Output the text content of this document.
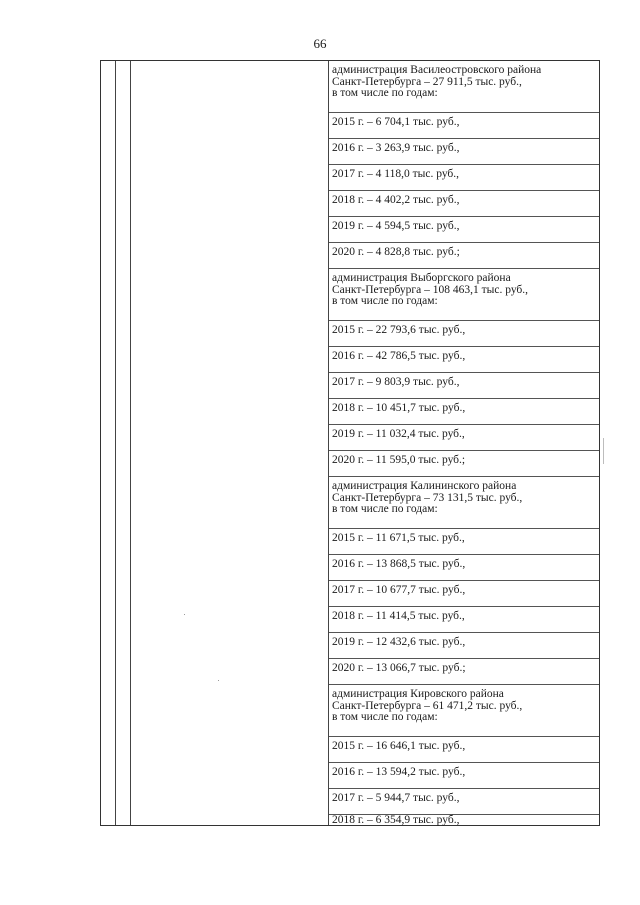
66
администрация Василеостровского района
Санкт-Петербурга – 27 911,5 тыс. руб.,
в том числе по годам:
2015 г. – 6 704,1 тыс. руб.,
2016 г. – 3 263,9 тыс. руб.,
2017 г. – 4 118,0 тыс. руб.,
2018 г. – 4 402,2 тыс. руб.,
2019 г. – 4 594,5 тыс. руб.,
2020 г. – 4 828,8 тыс. руб.;
администрация Выборгского района
Санкт-Петербурга – 108 463,1 тыс. руб.,
в том числе по годам:
2015 г. – 22 793,6 тыс. руб.,
2016 г. – 42 786,5 тыс. руб.,
2017 г. – 9 803,9 тыс. руб.,
2018 г. – 10 451,7 тыс. руб.,
2019 г. – 11 032,4 тыс. руб.,
2020 г. – 11 595,0 тыс. руб.;
администрация Калининского района
Санкт-Петербурга – 73 131,5 тыс. руб.,
в том числе по годам:
2015 г. – 11 671,5 тыс. руб.,
2016 г. – 13 868,5 тыс. руб.,
2017 г. – 10 677,7 тыс. руб.,
2018 г. – 11 414,5 тыс. руб.,
2019 г. – 12 432,6 тыс. руб.,
2020 г. – 13 066,7 тыс. руб.;
администрация Кировского района
Санкт-Петербурга – 61 471,2 тыс. руб.,
в том числе по годам:
2015 г. – 16 646,1 тыс. руб.,
2016 г. – 13 594,2 тыс. руб.,
2017 г. – 5 944,7 тыс. руб.,
2018 г. – 6 354,9 тыс. руб.,
